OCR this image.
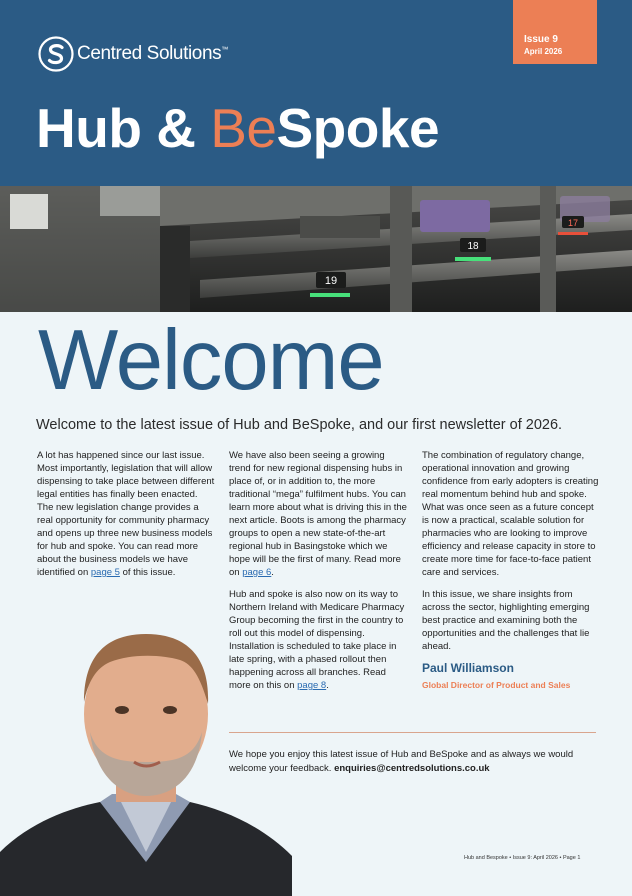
Centred Solutions™
Issue 9
April 2026
Hub & BeSpoke
19
18
17
Welcome
Welcome to the latest issue of Hub and BeSpoke, and our first newsletter of 2026.

A lot has happened since our last issue. Most importantly, legislation that will allow dispensing to take place between different legal entities has finally been enacted. The new legislation change provides a real opportunity for community pharmacy and opens up three new business models for hub and spoke. You can read more about the business models we have identified on page 5 of this issue.

We have also been seeing a growing trend for new regional dispensing hubs in place of, or in addition to, the more traditional “mega” fulfilment hubs. You can learn more about what is driving this in the next article. Boots is among the pharmacy groups to open a new state-of-the-art regional hub in Basingstoke which we hope will be the first of many. Read more on page 6.

Hub and spoke is also now on its way to Northern Ireland with Medicare Pharmacy Group becoming the first in the country to roll out this model of dispensing. Installation is scheduled to take place in late spring, with a phased rollout then happening across all branches. Read more on this on page 8.

The combination of regulatory change, operational innovation and growing confidence from early adopters is creating real momentum behind hub and spoke. What was once seen as a future concept is now a practical, scalable solution for pharmacies who are looking to improve efficiency and release capacity in store to create more time for face-to-face patient care and services.

In this issue, we share insights from across the sector, highlighting emerging best practice and examining both the opportunities and the challenges that lie ahead.

Paul Williamson
Global Director of Product and Sales
We hope you enjoy this latest issue of Hub and BeSpoke and as always we would welcome your feedback. enquiries@centredsolutions.co.uk
Hub and Bespoke • Issue 9: April 2026 • Page 1
